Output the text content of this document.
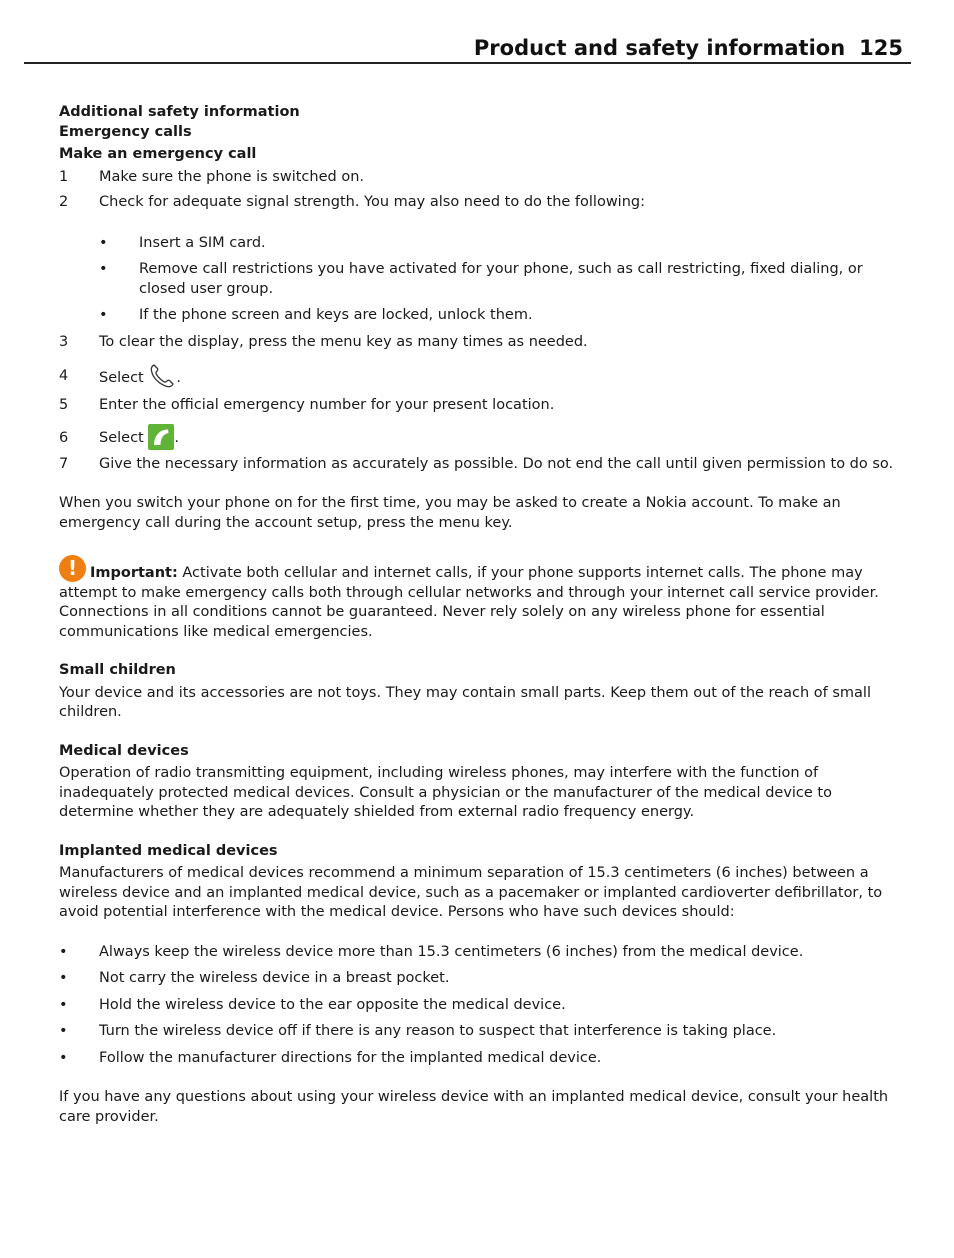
Product and safety information 125
Additional safety information
Emergency calls
Make an emergency call
1 Make sure the phone is switched on.
2 Check for adequate signal strength. You may also need to do the following:
• Insert a SIM card.
• Remove call restrictions you have activated for your phone, such as call restricting, fixed dialing, or closed user group.
• If the phone screen and keys are locked, unlock them.
3 To clear the display, press the menu key as many times as needed.
4 Select .
5 Enter the official emergency number for your present location.
6 Select .
7 Give the necessary information as accurately as possible. Do not end the call until given permission to do so.

When you switch your phone on for the first time, you may be asked to create a Nokia account. To make an emergency call during the account setup, press the menu key.

! Important: Activate both cellular and internet calls, if your phone supports internet calls. The phone may attempt to make emergency calls both through cellular networks and through your internet call service provider. Connections in all conditions cannot be guaranteed. Never rely solely on any wireless phone for essential communications like medical emergencies.

Small children

Your device and its accessories are not toys. They may contain small parts. Keep them out of the reach of small children.

Medical devices

Operation of radio transmitting equipment, including wireless phones, may interfere with the function of inadequately protected medical devices. Consult a physician or the manufacturer of the medical device to determine whether they are adequately shielded from external radio frequency energy.

Implanted medical devices

Manufacturers of medical devices recommend a minimum separation of 15.3 centimeters (6 inches) between a wireless device and an implanted medical device, such as a pacemaker or implanted cardioverter defibrillator, to avoid potential interference with the medical device. Persons who have such devices should:

• Always keep the wireless device more than 15.3 centimeters (6 inches) from the medical device.
• Not carry the wireless device in a breast pocket.
• Hold the wireless device to the ear opposite the medical device.
• Turn the wireless device off if there is any reason to suspect that interference is taking place.
• Follow the manufacturer directions for the implanted medical device.

If you have any questions about using your wireless device with an implanted medical device, consult your health care provider.
